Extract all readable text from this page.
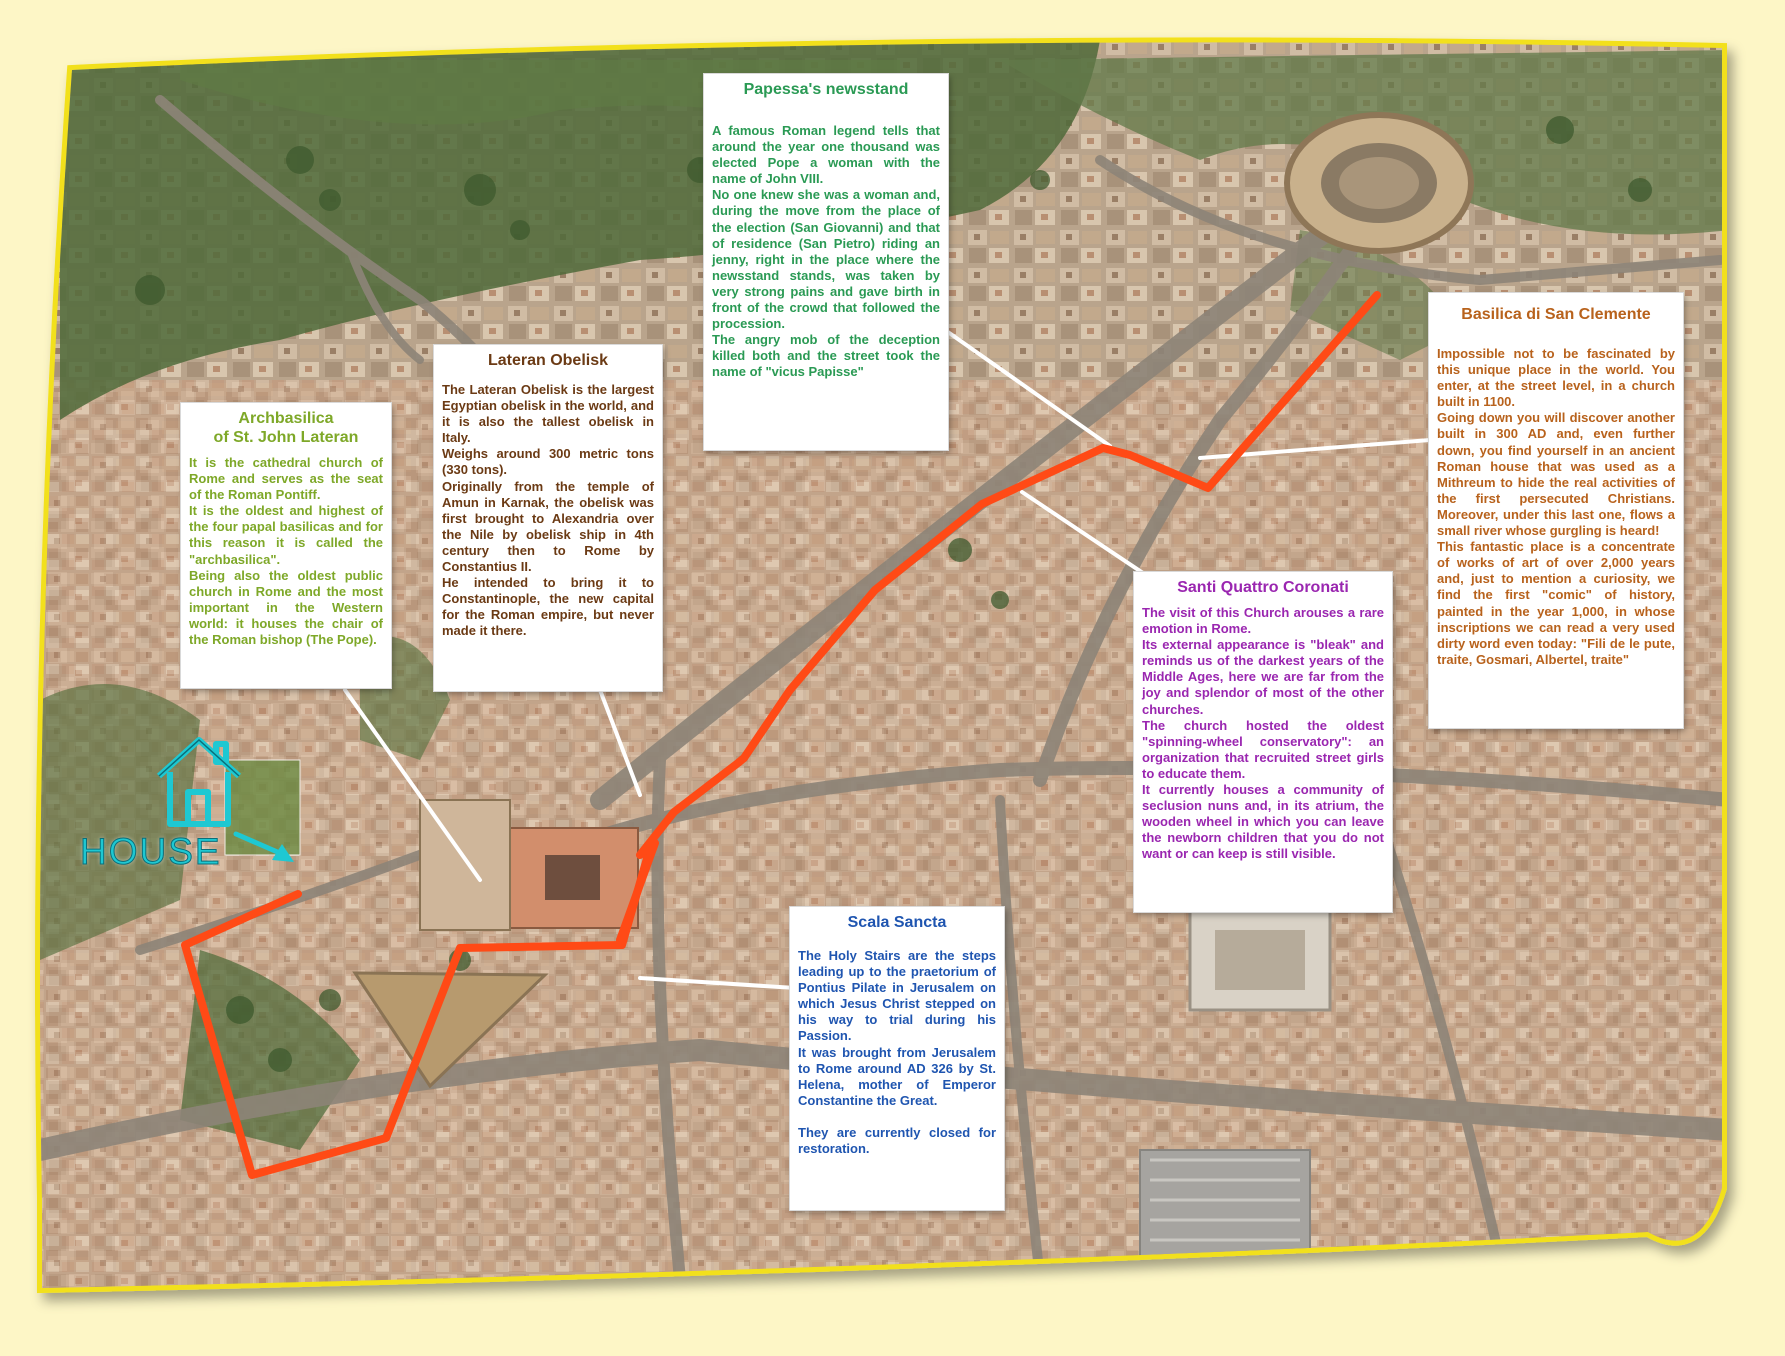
HOUSE
Papessa's newsstand

A famous Roman legend tells that around the year one thousand was elected Pope a woman with the name of John VIII.

No one knew she was a woman and, during the move from the place of the election (San Giovanni) and that of residence (San Pietro) riding an jenny, right in the place where the newsstand stands, was taken by very strong pains and gave birth in front of the crowd that followed the procession.

The angry mob of the deception killed both and the street took the name of "vicus Papisse"

Lateran Obelisk

The Lateran Obelisk is the largest Egyptian obelisk in the world, and it is also the tallest obelisk in Italy.

Weighs around 300 metric tons (330 tons).

Originally from the temple of Amun in Karnak, the obelisk was first brought to Alexandria over the Nile by obelisk ship in 4th century then to Rome by Constantius II.

He intended to bring it to Constantinople, the new capital for the Roman empire, but never made it there.

Archbasilica
of St. John Lateran

It is the cathedral church of Rome and serves as the seat of the Roman Pontiff.

It is the oldest and highest of the four papal basilicas and for this reason it is called the "archbasilica".

Being also the oldest public church in Rome and the most important in the Western world: it houses the chair of the Roman bishop (The Pope).

Basilica di San Clemente

Impossible not to be fascinated by this unique place in the world. You enter, at the street level, in a church built in 1100.

Going down you will discover another built in 300 AD and, even further down, you find yourself in an ancient Roman house that was used as a Mithreum to hide the real activities of the first persecuted Christians. Moreover, under this last one, flows a small river whose gurgling is heard!

This fantastic place is a concentrate of works of art of over 2,000 years and, just to mention a curiosity, we find the first "comic" of history, painted in the year 1,000, in whose inscriptions we can read a very used dirty word even today: "Fili de le pute, traite, Gosmari, Albertel, traite"

Santi Quattro Coronati

The visit of this Church arouses a rare emotion in Rome.

Its external appearance is "bleak" and reminds us of the darkest years of the Middle Ages, here we are far from the joy and splendor of most of the other churches.

The church hosted the oldest "spinning-wheel conservatory": an organization that recruited street girls to educate them.

It currently houses a community of seclusion nuns and, in its atrium, the wooden wheel in which you can leave the newborn children that you do not want or can keep is still visible.

Scala Sancta

The Holy Stairs are the steps leading up to the praetorium of Pontius Pilate in Jerusalem on which Jesus Christ stepped on his way to trial during his Passion.

It was brought from Jerusalem to Rome around AD 326 by St. Helena, mother of Emperor Constantine the Great.

They are currently closed for restoration.
